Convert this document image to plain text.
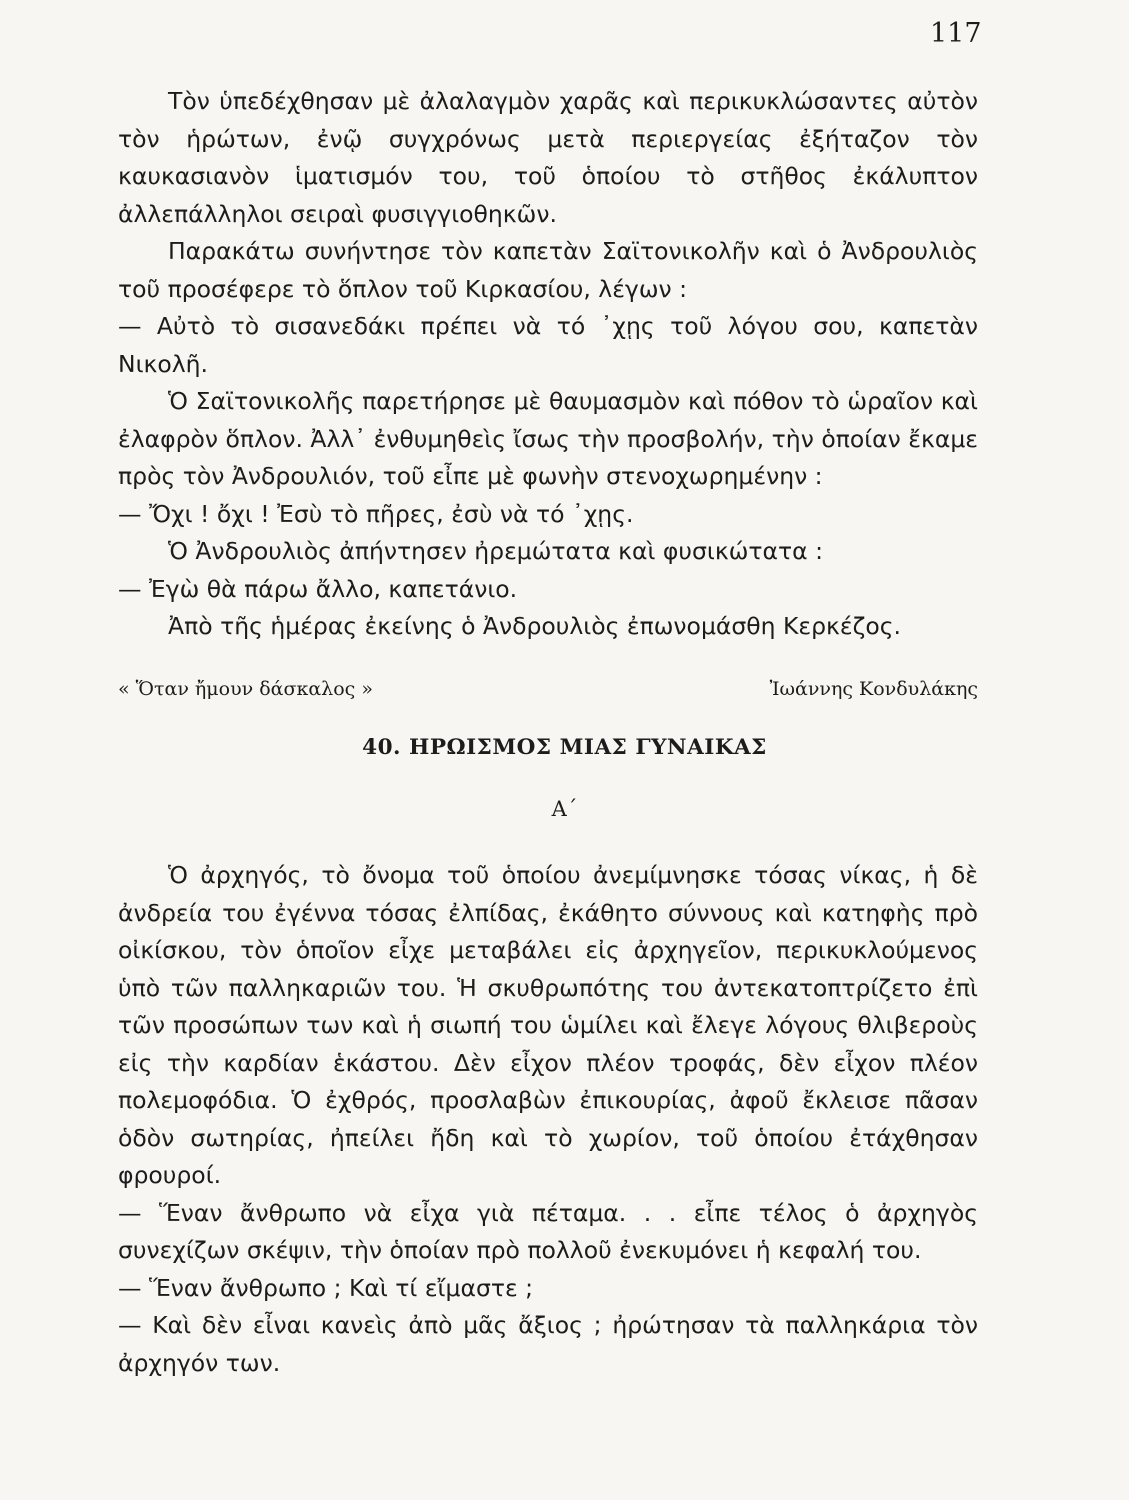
117

Τὸν ὑπεδέχθησαν μὲ ἀλαλαγμὸν χαρᾶς καὶ περικυκλώσαντες αὐτὸν τὸν ἡρώτων, ἐνῷ συγχρόνως μετὰ περιεργείας ἐξήταζον τὸν καυκασιανὸν ἱματισμόν του, τοῦ ὁποίου τὸ στῆθος ἐκάλυπτον ἀλλεπάλληλοι σειραὶ φυσιγγιοθηκῶν.

Παρακάτω συνήντησε τὸν καπετὰν Σαϊτονικολῆν καὶ ὁ Ἀνδρουλιὸς τοῦ προσέφερε τὸ ὅπλον τοῦ Κιρκασίου, λέγων :

— Αὐτὸ τὸ σισανεδάκι πρέπει νὰ τό ᾽χῃς τοῦ λόγου σου, καπετὰν Νικολῆ.

Ὁ Σαϊτονικολῆς παρετήρησε μὲ θαυμασμὸν καὶ πόθον τὸ ὡραῖον καὶ ἐλαφρὸν ὅπλον. Ἀλλ᾽ ἐνθυμηθεὶς ἴσως τὴν προσβολήν, τὴν ὁποίαν ἔκαμε πρὸς τὸν Ἀνδρουλιόν, τοῦ εἶπε μὲ φωνὴν στενοχωρημένην :

— Ὄχι ! ὄχι ! Ἐσὺ τὸ πῆρες, ἐσὺ νὰ τό ᾽χῃς.

Ὁ Ἀνδρουλιὸς ἀπήντησεν ἠρεμώτατα καὶ φυσικώτατα :

— Ἐγὼ θὰ πάρω ἄλλο, καπετάνιο.

Ἀπὸ τῆς ἡμέρας ἐκείνης ὁ Ἀνδρουλιὸς ἐπωνομάσθη Κερκέζος.

« Ὅταν ἤμουν δάσκαλος »	Ἰωάννης Κονδυλάκης
40. ΗΡΩΙΣΜΟΣ ΜΙΑΣ ΓΥΝΑΙΚΑΣ
Α΄

Ὁ ἀρχηγός, τὸ ὄνομα τοῦ ὁποίου ἀνεμίμνησκε τόσας νίκας, ἡ δὲ ἀνδρεία του ἐγέννα τόσας ἐλπίδας, ἐκάθητο σύννους καὶ κατηφὴς πρὸ οἰκίσκου, τὸν ὁποῖον εἶχε μεταβάλει εἰς ἀρχηγεῖον, περικυκλούμενος ὑπὸ τῶν παλληκαριῶν του. Ἡ σκυθρωπότης του ἀντεκατοπτρίζετο ἐπὶ τῶν προσώπων των καὶ ἡ σιωπή του ὡμίλει καὶ ἔλεγε λόγους θλιβεροὺς εἰς τὴν καρδίαν ἑκάστου. Δὲν εἶχον πλέον τροφάς, δὲν εἶχον πλέον πολεμοφόδια. Ὁ ἐχθρός, προσλαβὼν ἐπικουρίας, ἀφοῦ ἔκλεισε πᾶσαν ὁδὸν σωτηρίας, ἠπείλει ἤδη καὶ τὸ χωρίον, τοῦ ὁποίου ἐτάχθησαν φρουροί.

— Ἕναν ἄνθρωπο νὰ εἶχα γιὰ πέταμα. . . εἶπε τέλος ὁ ἀρχηγὸς συνεχίζων σκέψιν, τὴν ὁποίαν πρὸ πολλοῦ ἐνεκυμόνει ἡ κεφαλή του.

— Ἕναν ἄνθρωπο ; Καὶ τί εἴμαστε ;

— Καὶ δὲν εἶναι κανεὶς ἀπὸ μᾶς ἄξιος ; ἠρώτησαν τὰ παλληκάρια τὸν ἀρχηγόν των.
